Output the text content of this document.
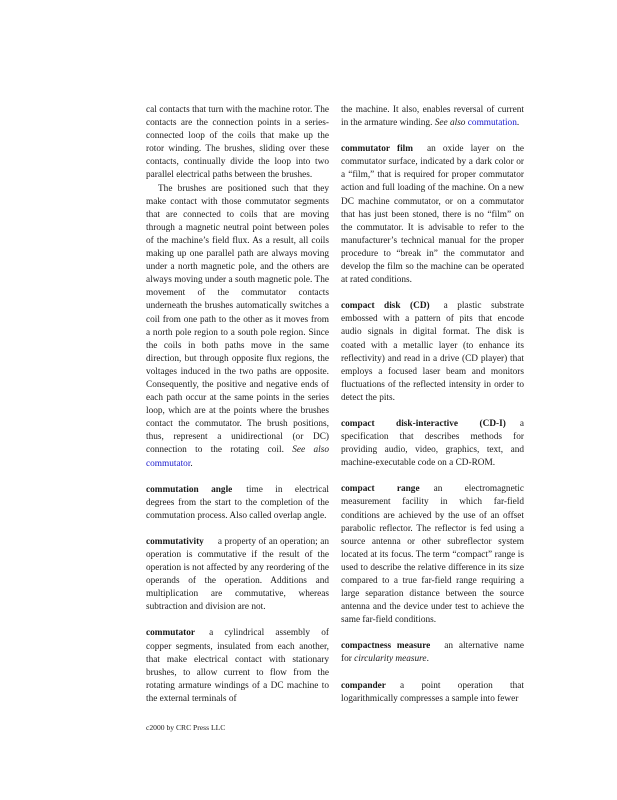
cal contacts that turn with the machine rotor. The contacts are the connection points in a series-connected loop of the coils that make up the rotor winding. The brushes, sliding over these contacts, continually divide the loop into two parallel electrical paths between the brushes.

The brushes are positioned such that they make contact with those commutator segments that are connected to coils that are moving through a magnetic neutral point between poles of the machine’s field flux. As a result, all coils making up one parallel path are always moving under a north magnetic pole, and the others are always moving under a south magnetic pole. The movement of the commutator contacts underneath the brushes automatically switches a coil from one path to the other as it moves from a north pole region to a south pole region. Since the coils in both paths move in the same direction, but through opposite flux regions, the voltages induced in the two paths are opposite. Consequently, the positive and negative ends of each path occur at the same points in the series loop, which are at the points where the brushes contact the commutator. The brush positions, thus, represent a unidirectional (or DC) connection to the rotating coil. See also commutator.

commutation angle time in electrical degrees from the start to the completion of the commutation process. Also called overlap angle.

commutativity a property of an operation; an operation is commutative if the result of the operation is not affected by any reordering of the operands of the operation. Additions and multiplication are commutative, whereas subtraction and division are not.

commutator a cylindrical assembly of copper segments, insulated from each another, that make electrical contact with stationary brushes, to allow current to flow from the rotating armature windings of a DC machine to the external terminals of

the machine. It also, enables reversal of current in the armature winding. See also commutation.

commutator film an oxide layer on the commutator surface, indicated by a dark color or a “film,” that is required for proper commutator action and full loading of the machine. On a new DC machine commutator, or on a commutator that has just been stoned, there is no “film” on the commutator. It is advisable to refer to the manufacturer’s technical manual for the proper procedure to “break in” the commutator and develop the film so the machine can be operated at rated conditions.

compact disk (CD) a plastic substrate embossed with a pattern of pits that encode audio signals in digital format. The disk is coated with a metallic layer (to enhance its reflectivity) and read in a drive (CD player) that employs a focused laser beam and monitors fluctuations of the reflected intensity in order to detect the pits.

compact disk-interactive (CD-I) a specification that describes methods for providing audio, video, graphics, text, and machine-executable code on a CD-ROM.

compact range an electromagnetic measurement facility in which far-field conditions are achieved by the use of an offset parabolic reflector. The reflector is fed using a source antenna or other subreflector system located at its focus. The term “compact” range is used to describe the relative difference in its size compared to a true far-field range requiring a large separation distance between the source antenna and the device under test to achieve the same far-field conditions.

compactness measure an alternative name for circularity measure.

compander a point operation that logarithmically compresses a sample into fewer

c2000 by CRC Press LLC
